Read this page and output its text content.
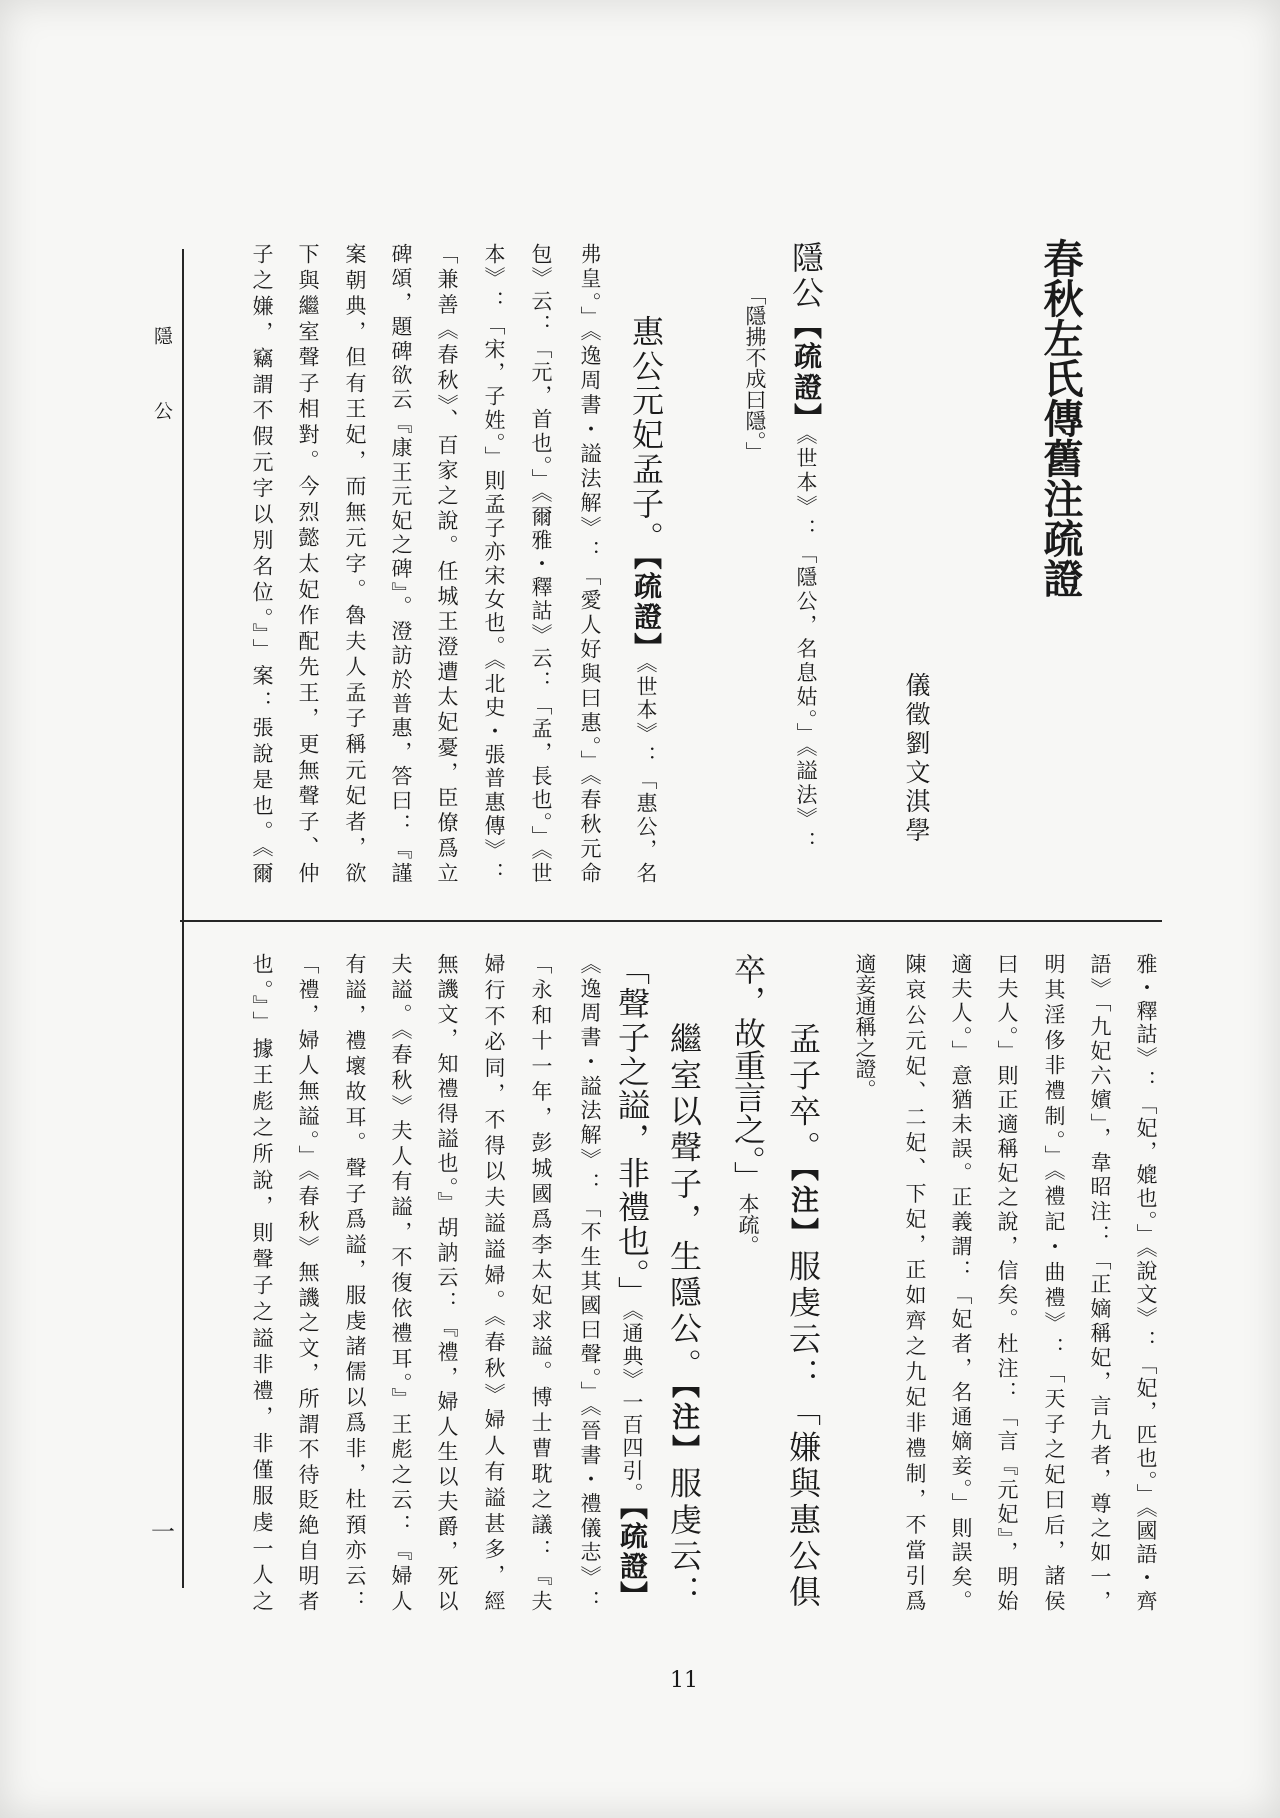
隱公
一
春秋左氏傳舊注疏證
儀徵劉文淇學
隱公【疏證】《世本》：「隱公，名息姑。」《謚法》：
「隱拂不成曰隱。」
惠公元妃孟子。【疏證】《世本》：「惠公，名
弗皇。」《逸周書・謚法解》：「愛人好與曰惠。」《春秋元命
包》云：「元，首也。」《爾雅・釋詁》云：「孟，長也。」《世
本》：「宋，子姓。」則孟子亦宋女也。《北史・張普惠傳》：
「兼善《春秋》、百家之說。任城王澄遭太妃憂，臣僚爲立
碑頌，題碑欲云『康王元妃之碑』。澄訪於普惠，答曰：『謹
案朝典，但有王妃，而無元字。魯夫人孟子稱元妃者，欲
下與繼室聲子相對。今烈懿太妃作配先王，更無聲子、仲
子之嫌，竊謂不假元字以別名位。』」案：張說是也。《爾
雅・釋詁》：「妃，媲也。」《說文》：「妃，匹也。」《國語・齊
語》「九妃六嬪」，韋昭注：「正嫡稱妃，言九者，尊之如一，
明其淫侈非禮制。」《禮記・曲禮》：「天子之妃曰后，諸侯
曰夫人。」則正適稱妃之說，信矣。杜注：「言『元妃』，明始
適夫人。」意猶未誤。正義謂：「妃者，名通嫡妾。」則誤矣。
陳哀公元妃、二妃、下妃，正如齊之九妃非禮制，不當引爲
適妾通稱之證。
孟子卒。【注】服虔云：「嫌與惠公俱
卒，故重言之。」本疏。
繼室以聲子，生隱公。【注】服虔云：
「聲子之謚，非禮也。」《通典》一百四引。【疏證】
《逸周書・謚法解》：「不生其國曰聲。」《晉書・禮儀志》：
「永和十一年，彭城國爲李太妃求謚。博士曹耽之議：『夫
婦行不必同，不得以夫謚謚婦。《春秋》婦人有謚甚多，經
無譏文，知禮得謚也。』胡訥云：『禮，婦人生以夫爵，死以
夫謚。《春秋》夫人有謚，不復依禮耳。』王彪之云：『婦人
有謚，禮壞故耳。聲子爲謚，服虔諸儒以爲非，杜預亦云：
「禮，婦人無謚。」《春秋》無譏之文，所謂不待貶絶自明者
也。』」據王彪之所說，則聲子之謚非禮，非僅服虔一人之
11
